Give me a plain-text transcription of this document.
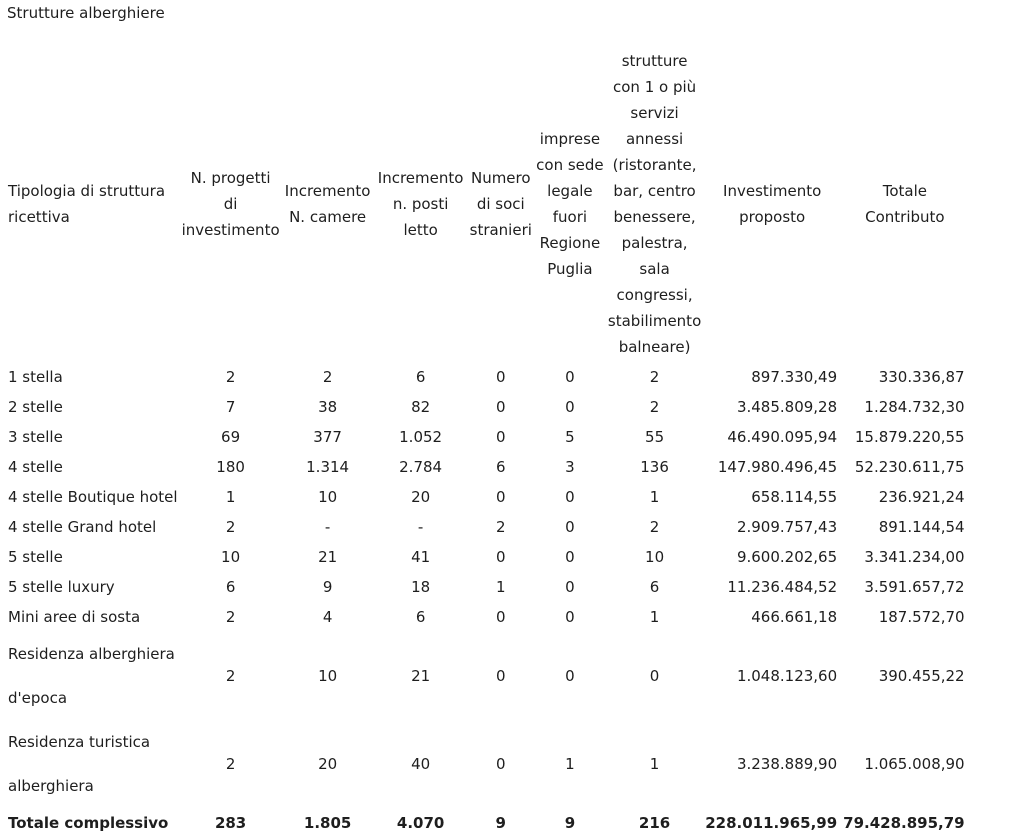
Strutture alberghiere
Tipologia di struttura ricettiva	N. progetti di investimento	Incremento N. camere	Incremento n. posti letto	Numero di soci stranieri	imprese con sede legale fuori Regione Puglia	strutture con 1 o più servizi annessi (ristorante, bar, centro benessere, palestra, sala congressi, stabilimento balneare)	Investimento proposto	Totale Contributo
1 stella	2	2	6	0	0	2	897.330,49	330.336,87
2 stelle	7	38	82	0	0	2	3.485.809,28	1.284.732,30
3 stelle	69	377	1.052	0	5	55	46.490.095,94	15.879.220,55
4 stelle	180	1.314	2.784	6	3	136	147.980.496,45	52.230.611,75
4 stelle Boutique hotel	1	10	20	0	0	1	658.114,55	236.921,24
4 stelle Grand hotel	2	-	-	2	0	2	2.909.757,43	891.144,54
5 stelle	10	21	41	0	0	10	9.600.202,65	3.341.234,00
5 stelle luxury	6	9	18	1	0	6	11.236.484,52	3.591.657,72
Mini aree di sosta	2	4	6	0	0	1	466.661,18	187.572,70
Residenza alberghiera d'epoca	2	10	21	0	0	0	1.048.123,60	390.455,22
Residenza turistica alberghiera	2	20	40	0	1	1	3.238.889,90	1.065.008,90
Totale complessivo	283	1.805	4.070	9	9	216	228.011.965,99	79.428.895,79
